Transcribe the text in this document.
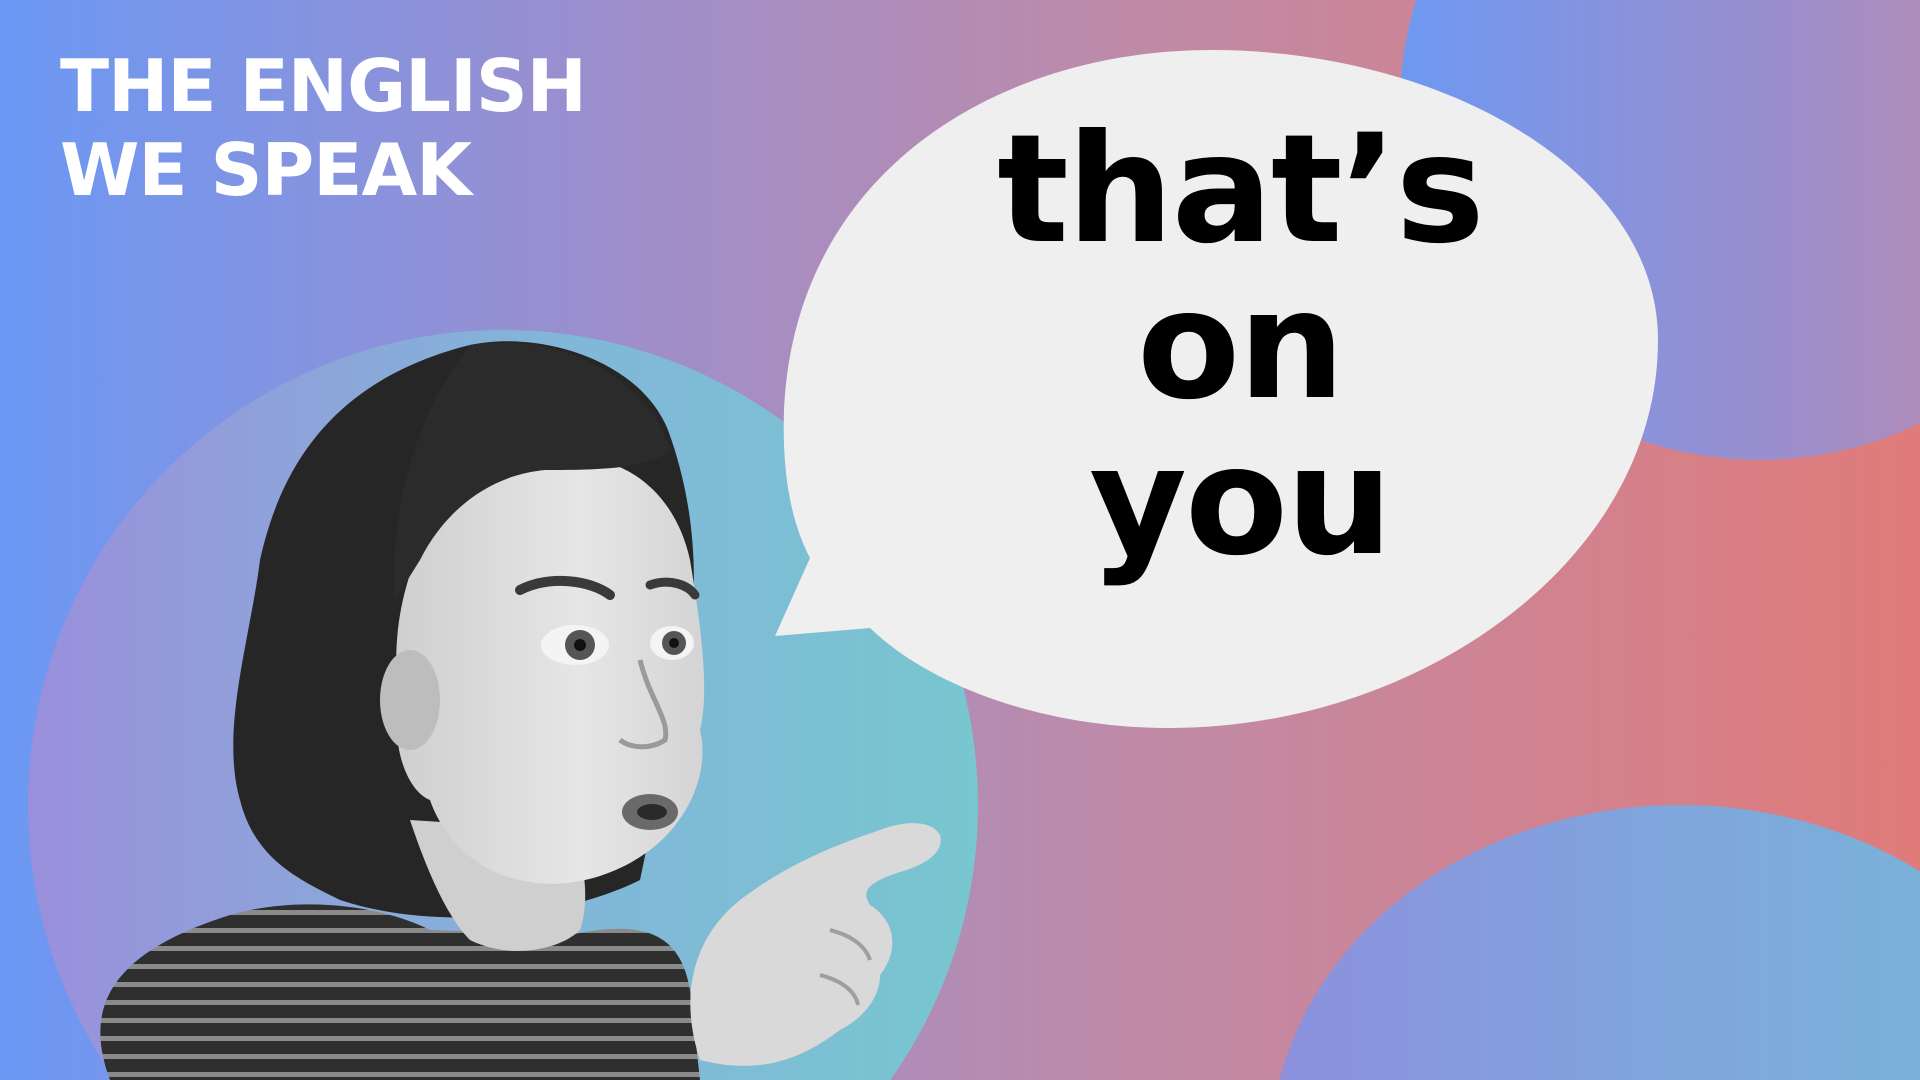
THE ENGLISH
WE SPEAK	that’s
on
you
